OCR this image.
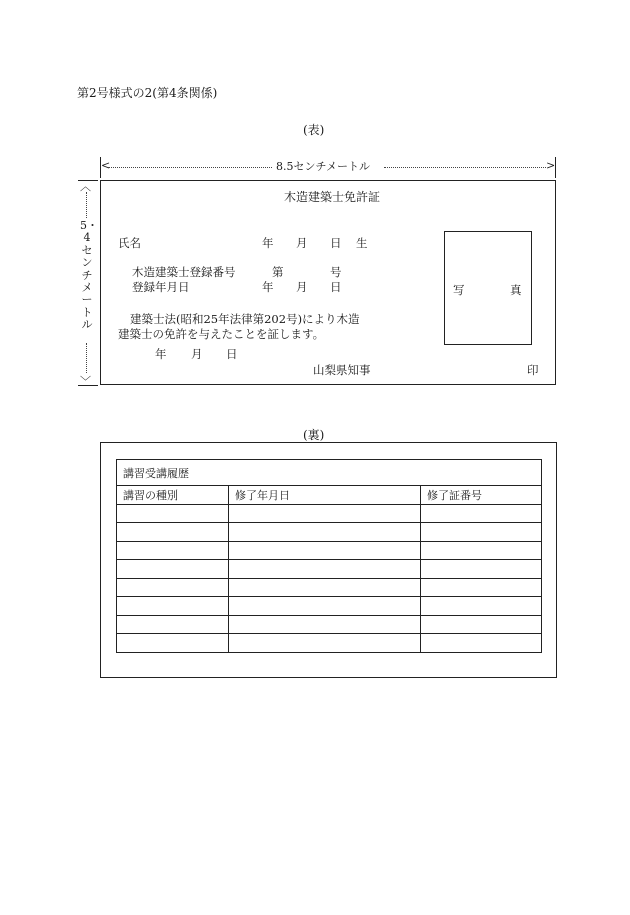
第2号様式の2(第4条関係)
(表)
<	>
8.5センチメートル
︿
﹀
5・4センチメートル
木造建築士免許証
氏名	年 月 日 生
木造建築士登録番号	第	号
登録年月日	年 月 日	写	真
建築士法(昭和25年法律第202号)により木造
建築士の免許を与えたことを証します。
年 月 日
山梨県知事	印
(裏)
講習受講履歴		
講習の種別	修了年月日	修了証番号
